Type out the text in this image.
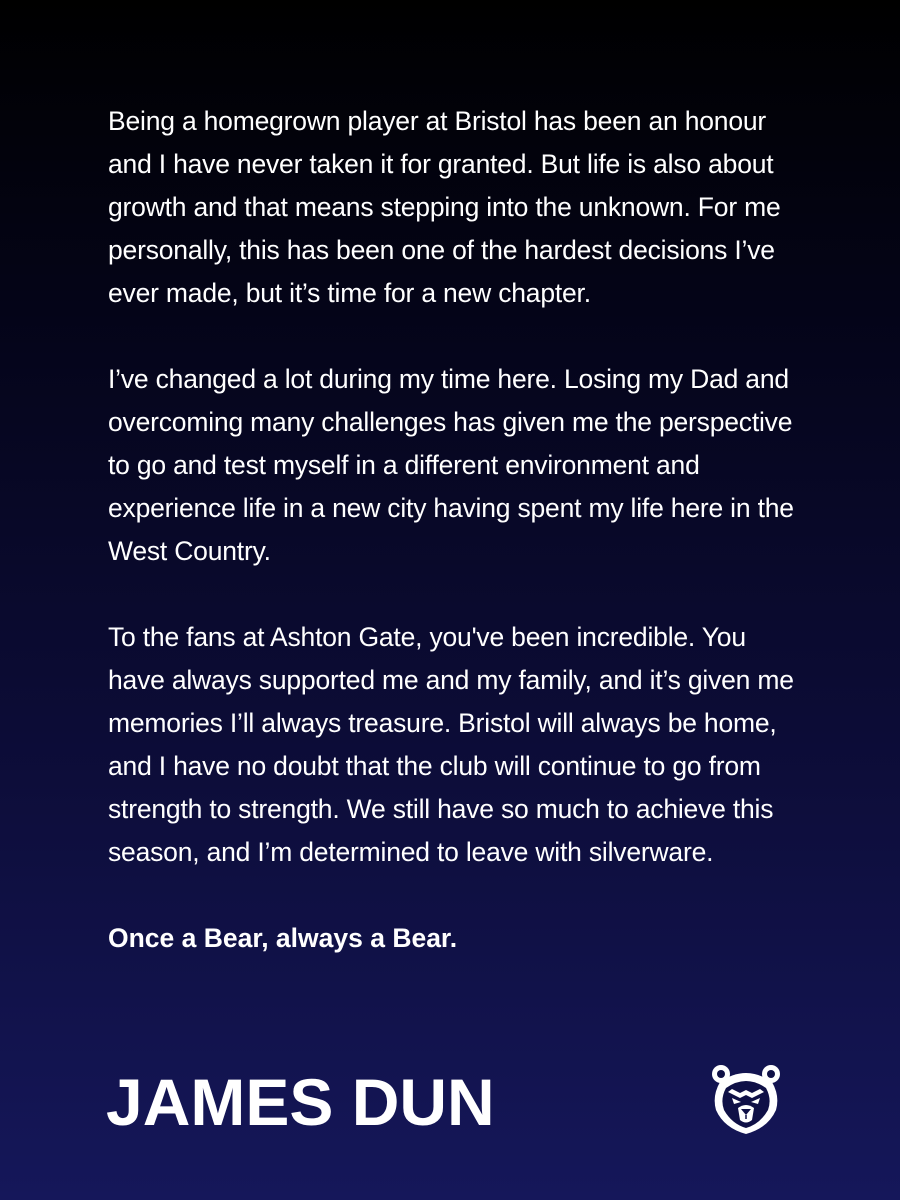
Being a homegrown player at Bristol has been an honour and I have never taken it for granted. But life is also about growth and that means stepping into the unknown. For me personally, this has been one of the hardest decisions I’ve ever made, but it’s time for a new chapter.

I’ve changed a lot during my time here. Losing my Dad and overcoming many challenges has given me the perspective to go and test myself in a different environment and experience life in a new city having spent my life here in the West Country.

To the fans at Ashton Gate, you've been incredible. You have always supported me and my family, and it’s given me memories I’ll always treasure. Bristol will always be home, and I have no doubt that the club will continue to go from strength to strength. We still have so much to achieve this season, and I’m determined to leave with silverware.

Once a Bear, always a Bear.

JAMES DUN
